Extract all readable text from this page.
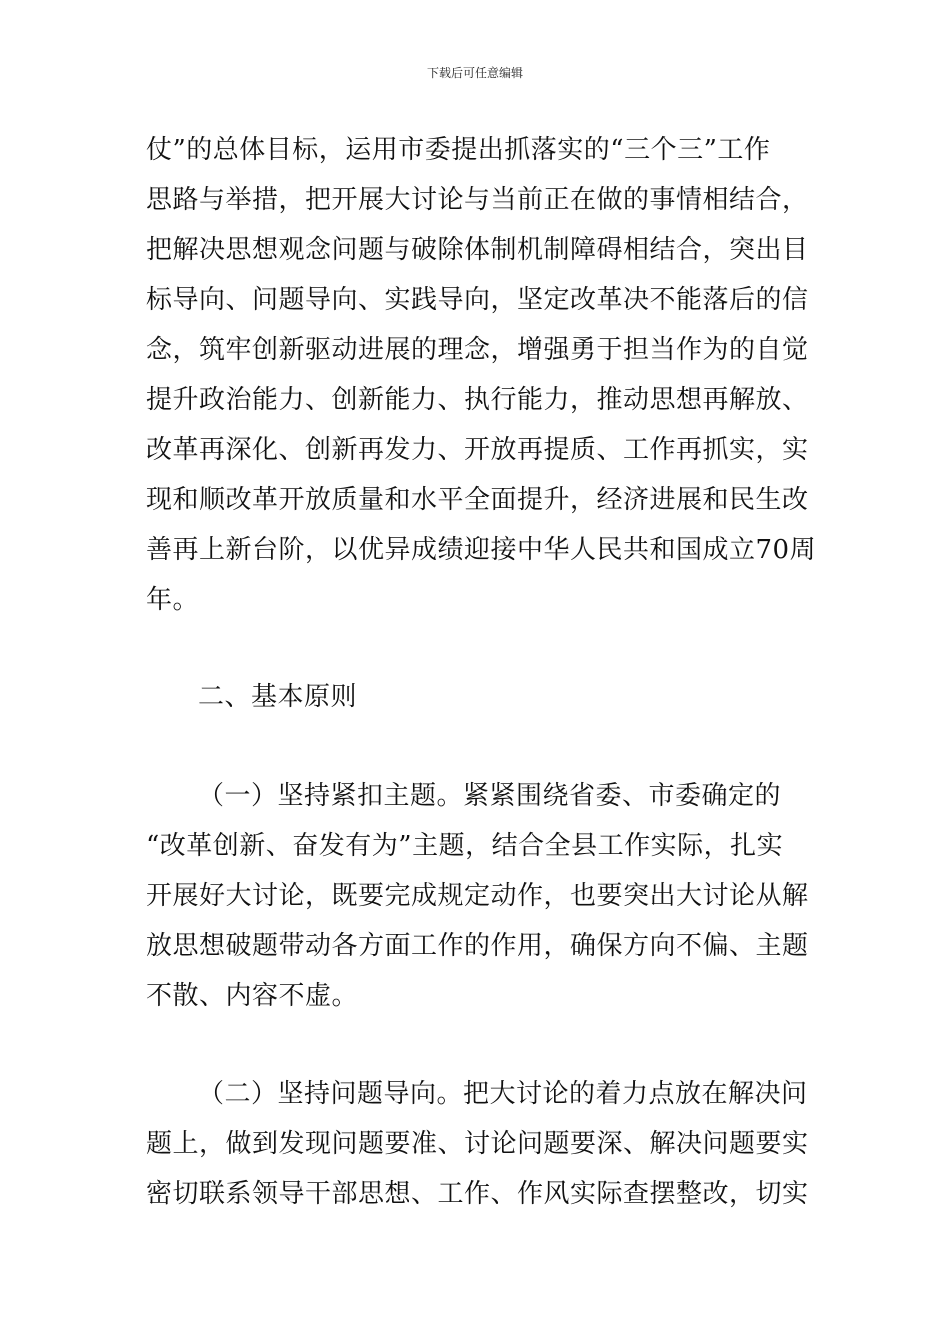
下载后可任意编辑
仗”的总体目标，运用市委提出抓落实的“三个三”工作
思路与举措，把开展大讨论与当前正在做的事情相结合，
把解决思想观念问题与破除体制机制障碍相结合，突出目
标导向、问题导向、实践导向，坚定改革决不能落后的信
念，筑牢创新驱动进展的理念，增强勇于担当作为的自觉
提升政治能力、创新能力、执行能力，推动思想再解放、
改革再深化、创新再发力、开放再提质、工作再抓实，实
现和顺改革开放质量和水平全面提升，经济进展和民生改
善再上新台阶，以优异成绩迎接中华人民共和国成立70周
年。
二、基本原则
（一）坚持紧扣主题。紧紧围绕省委、市委确定的
“改革创新、奋发有为”主题，结合全县工作实际，扎实
开展好大讨论，既要完成规定动作，也要突出大讨论从解
放思想破题带动各方面工作的作用，确保方向不偏、主题
不散、内容不虚。
（二）坚持问题导向。把大讨论的着力点放在解决问
题上，做到发现问题要准、讨论问题要深、解决问题要实
密切联系领导干部思想、工作、作风实际查摆整改，切实
